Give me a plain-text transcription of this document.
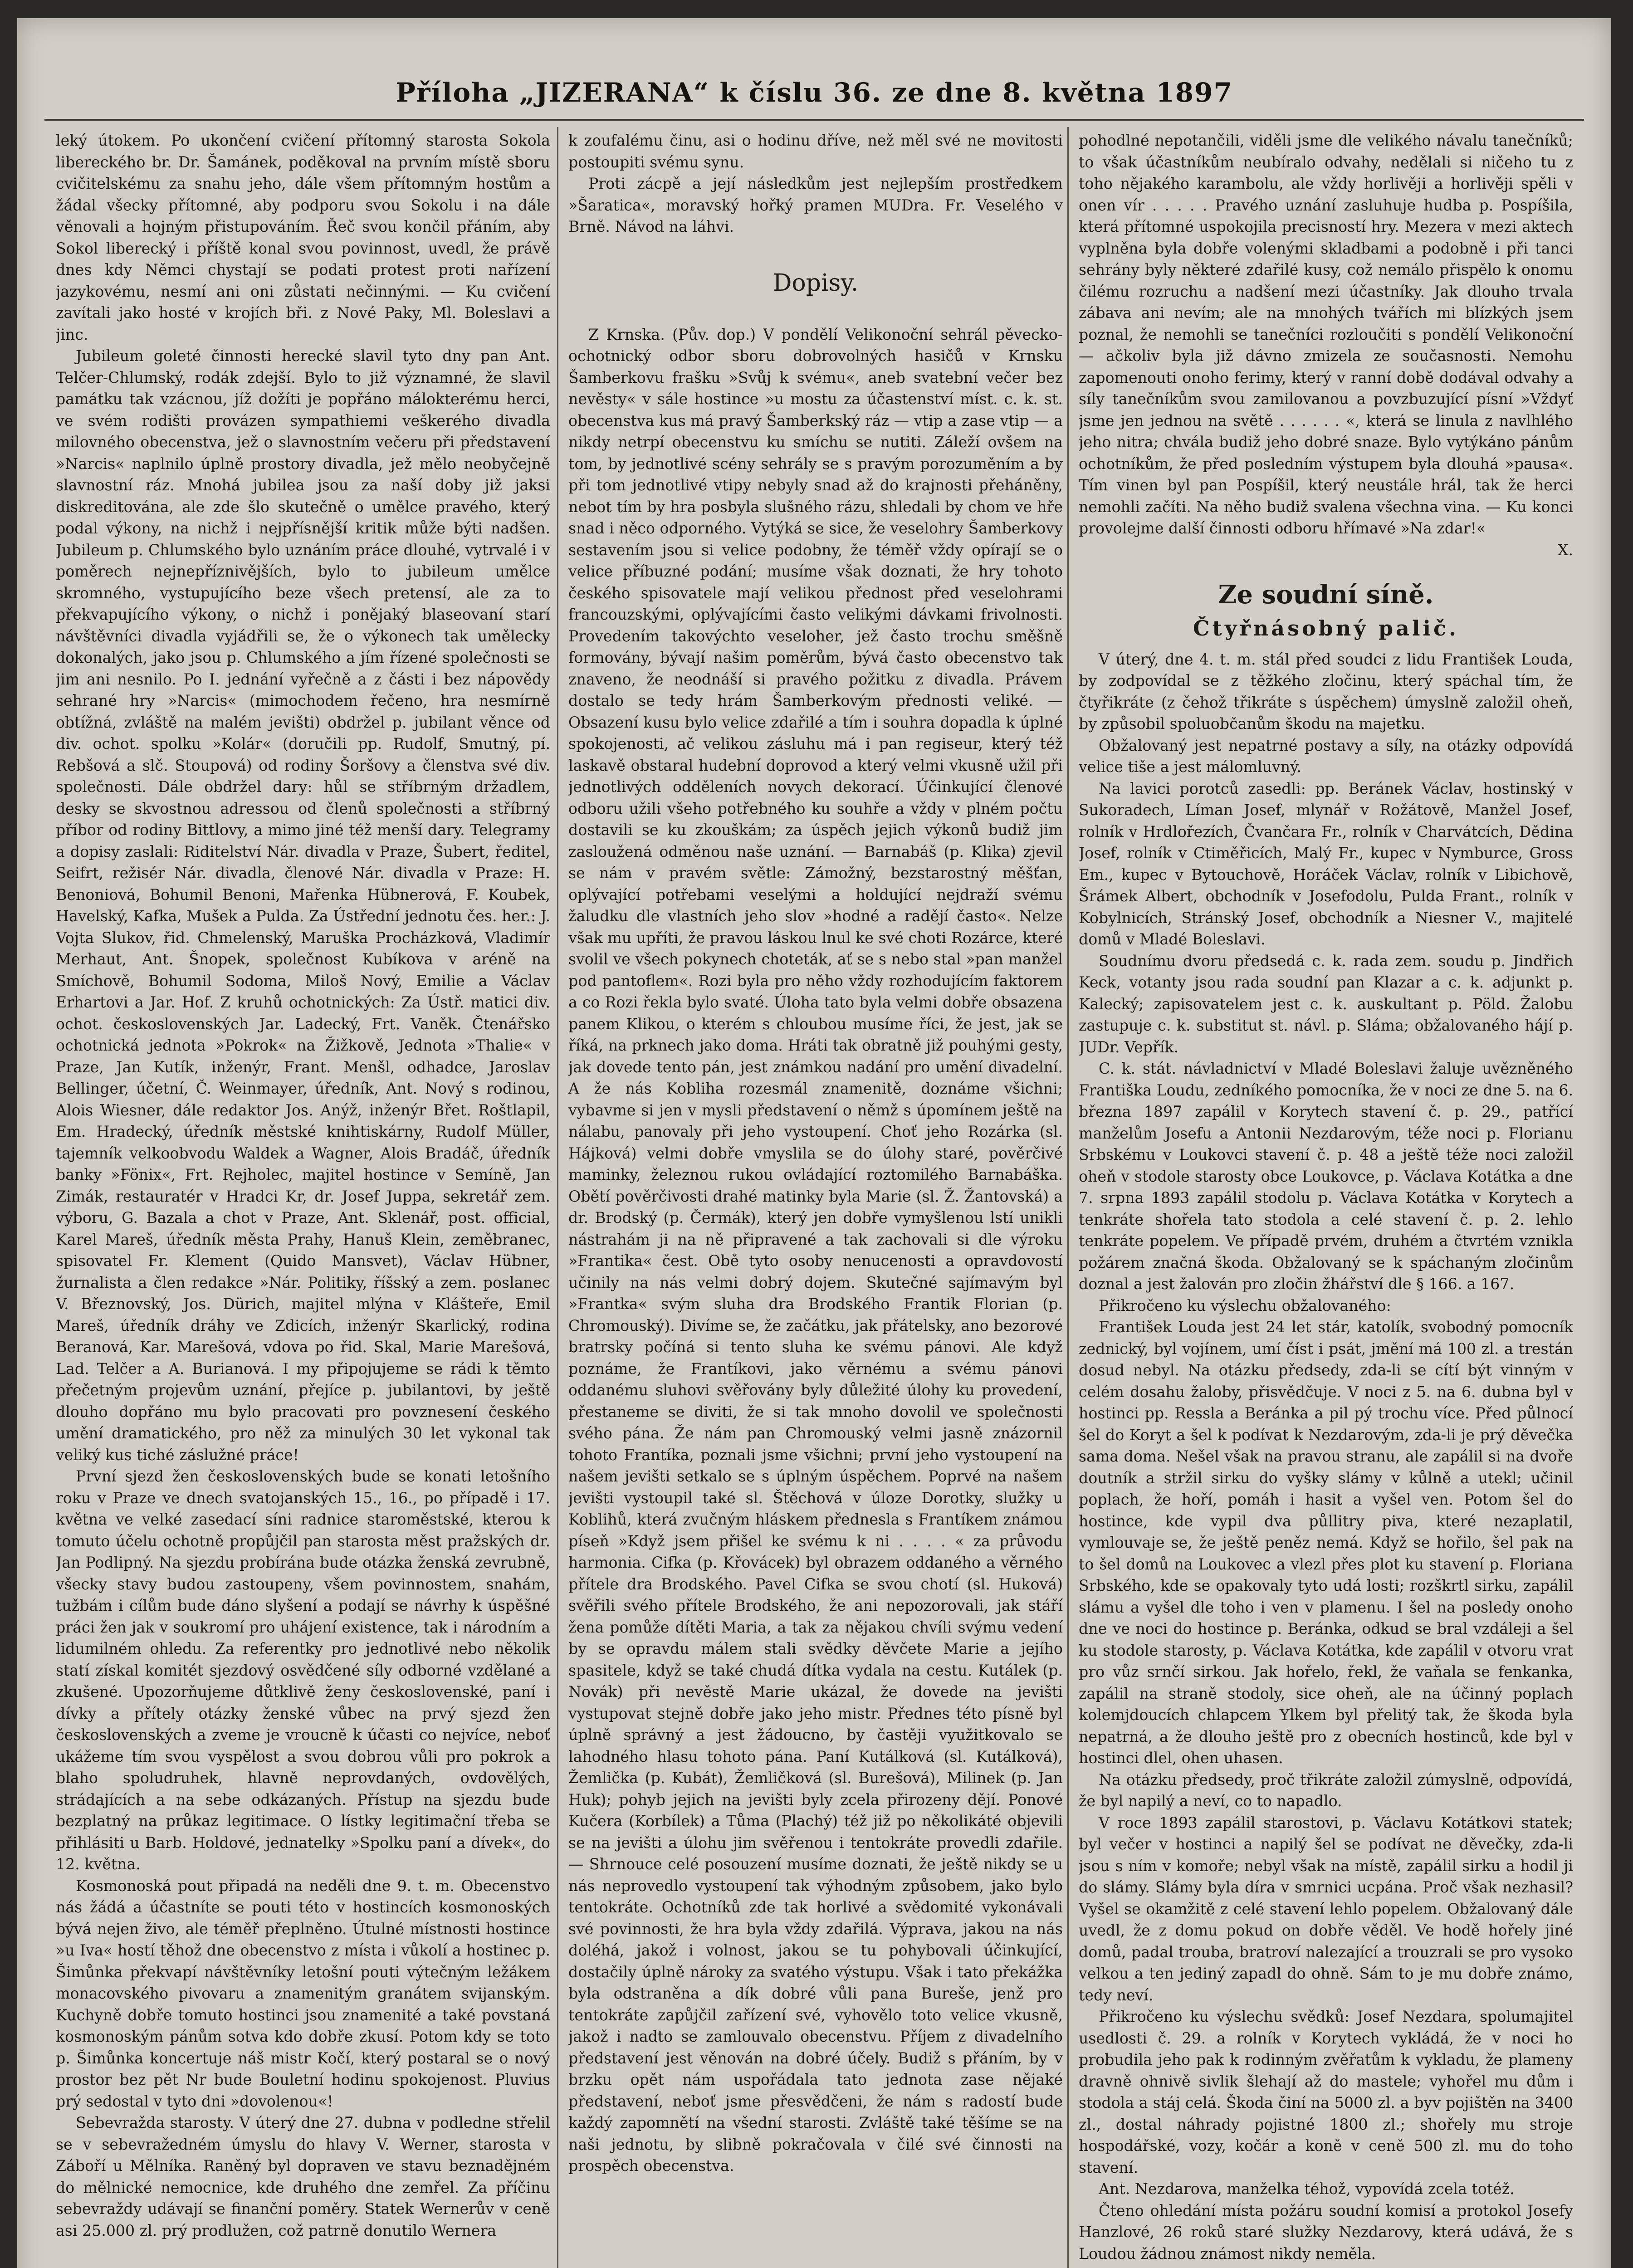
Příloha „JIZERANA“ k číslu 36. ze dne 8. května 1897

leký útokem. Po ukončení cvičení přítomný starosta Sokola libereckého br. Dr. Šamánek, poděkoval na prvním místě sboru cvičitelskému za snahu jeho, dále všem přítomným hostům a žádal všecky přítomné, aby podporu svou Sokolu i na dále věnovali a hojným přistupováním. Řeč svou končil přáním, aby Sokol liberecký i příště konal svou povinnost, uvedl, že právě dnes kdy Němci chystají se podati protest proti nařízení jazykovému, nesmí ani oni zůstati nečinnými. — Ku cvičení zavítali jako hosté v krojích bři. z Nové Paky, Ml. Boleslavi a jinc.

Jubileum goleté činnosti herecké slavil tyto dny pan Ant. Telčer-Chlumský, rodák zdejší. Bylo to již významné, že slavil památku tak vzácnou, jíž dožíti je popřáno málokterému herci, ve svém rodišti provázen sympathiemi veškerého divadla milovného obecenstva, jež o slavnostním večeru při představení »Narcis« naplnilo úplně prostory divadla, jež mělo neobyčejně slavnostní ráz. Mnohá jubilea jsou za naší doby již jaksi diskreditována, ale zde šlo skutečně o umělce pravého, který podal výkony, na nichž i nejpřísnější kritik může býti nadšen. Jubileum p. Chlumského bylo uznáním práce dlouhé, vytrvalé i v poměrech nejnepříznivějších, bylo to jubileum umělce skromného, vystupujícího beze všech pretensí, ale za to překvapujícího výkony, o nichž i ponějaký blaseovaní starí návštěvníci divadla vyjádřili se, že o výkonech tak umělecky dokonalých, jako jsou p. Chlumského a jím řízené společnosti se jim ani nesnilo. Po I. jednání vyřečně a z části i bez nápovědy sehrané hry »Narcis« (mimochodem řečeno, hra nesmírně obtížná, zvláště na malém jevišti) obdržel p. jubilant věnce od div. ochot. spolku »Kolár« (doručili pp. Rudolf, Smutný, pí. Rebšová a slč. Stoupová) od rodiny Šoršovy a členstva své div. společnosti. Dále obdržel dary: hůl se stříbrným držadlem, desky se skvostnou adressou od členů společnosti a stříbrný příbor od rodiny Bittlovy, a mimo jiné též menší dary. Telegramy a dopisy zaslali: Riditelství Nár. divadla v Praze, Šubert, ředitel, Seifrt, režisér Nár. divadla, členové Nár. divadla v Praze: H. Benoniová, Bohumil Benoni, Mařenka Hübnerová, F. Koubek, Havelský, Kafka, Mušek a Pulda. Za Ústřední jednotu čes. her.: J. Vojta Slukov, řid. Chmelenský, Maruška Procházková, Vladimír Merhaut, Ant. Šnopek, společnost Kubíkova v aréně na Smíchově, Bohumil Sodoma, Miloš Nový, Emilie a Václav Erhartovi a Jar. Hof. Z kruhů ochotnických: Za Ústř. matici div. ochot. československých Jar. Ladecký, Frt. Vaněk. Čtenářsko ochotnická jednota »Pokrok« na Žižkově, Jednota »Thalie« v Praze, Jan Kutík, inženýr, Frant. Menšl, odhadce, Jaroslav Bellinger, účetní, Č. Weinmayer, úředník, Ant. Nový s rodinou, Alois Wiesner, dále redaktor Jos. Anýž, inženýr Břet. Roštlapil, Em. Hradecký, úředník městské knihtiskárny, Rudolf Müller, tajemník velkoobvodu Waldek a Wagner, Alois Bradáč, úředník banky »Fönix«, Frt. Rejholec, majitel hostince v Semíně, Jan Zimák, restauratér v Hradci Kr, dr. Josef Juppa, sekretář zem. výboru, G. Bazala a chot v Praze, Ant. Sklenář, post. official, Karel Mareš, úředník města Prahy, Hanuš Klein, zeměbranec, spisovatel Fr. Klement (Quido Mansvet), Václav Hübner, žurnalista a člen redakce »Nár. Politiky, říšský a zem. poslanec V. Březnovský, Jos. Dürich, majitel mlýna v Klášteře, Emil Mareš, úředník dráhy ve Zdicích, inženýr Skarlický, rodina Beranová, Kar. Marešová, vdova po řid. Skal, Marie Marešová, Lad. Telčer a A. Burianová. I my připojujeme se rádi k těmto přečetným projevům uznání, přejíce p. jubilantovi, by ještě dlouho dopřáno mu bylo pracovati pro povznesení českého umění dramatického, pro něž za minulých 30 let vykonal tak veliký kus tiché záslužné práce!

První sjezd žen československých bude se konati letošního roku v Praze ve dnech svatojanských 15., 16., po případě i 17. května ve velké zasedací síni radnice staroměstské, kterou k tomuto účelu ochotně propůjčil pan starosta měst pražských dr. Jan Podlipný. Na sjezdu probírána bude otázka ženská zevrubně, všecky stavy budou zastoupeny, všem povinnostem, snahám, tužbám i cílům bude dáno slyšení a podají se návrhy k úspěšné práci žen jak v soukromí pro uhájení existence, tak i národním a lidumilném ohledu. Za referentky pro jednotlivé nebo několik statí získal komitét sjezdový osvědčené síly odborné vzdělané a zkušené. Upozorňujeme důtklivě ženy československé, paní i dívky a přítely otázky ženské vůbec na prvý sjezd žen československých a zveme je vroucně k účasti co nejvíce, neboť ukážeme tím svou vyspělost a svou dobrou vůli pro pokrok a blaho spoludruhek, hlavně neprovdaných, ovdovělých, strádajících a na sebe odkázaných. Přístup na sjezdu bude bezplatný na průkaz legitimace. O lístky legitimační třeba se přihlásiti u Barb. Holdové, jednatelky »Spolku paní a dívek«, do 12. května.

Kosmonoská pout připadá na neděli dne 9. t. m. Obecenstvo nás žádá a účastníte se pouti této v hostincích kosmonoských bývá nejen živo, ale téměř přeplněno. Útulné místnosti hostince »u Iva« hostí těhož dne obecenstvo z místa i vůkolí a hostinec p. Šimůnka překvapí návštěvníky letošní pouti výtečným ležákem monacovského pivovaru a znamenitým granátem svijanským. Kuchyně dobře tomuto hostinci jsou znamenité a také povstaná kosmonoským pánům sotva kdo dobře zkusí. Potom kdy se toto p. Šimůnka koncertuje náš mistr Kočí, který postaral se o nový prostor bez pět Nr bude Bouletní hodinu spokojenost. Pluvius prý sedostal v tyto dni »dovolenou«!

Sebevražda starosty. V úterý dne 27. dubna v podledne střelil se v sebevražedném úmyslu do hlavy V. Werner, starosta v Záboří u Mělníka. Raněný byl dopraven ve stavu beznadějném do mělnické nemocnice, kde druhého dne zemřel. Za příčinu sebevraždy udávají se finanční poměry. Statek Wernerův v ceně asi 25.000 zl. prý prodlužen, což patrně donutilo Wernera

k zoufalému činu, asi o hodinu dříve, než měl své ne movitosti postoupiti svému synu.

Proti zácpě a její následkům jest nejlepším prostředkem »Šaratica«, moravský hořký pramen MUDra. Fr. Veselého v Brně. Návod na láhvi.

Dopisy.

Z Krnska. (Pův. dop.) V pondělí Velikonoční sehrál pěvecko-ochotnický odbor sboru dobrovolných hasičů v Krnsku Šamberkovu frašku »Svůj k svému«, aneb svatební večer bez nevěsty« v sále hostince »u mostu za účastenství míst. c. k. st. obecenstva kus má pravý Šamberkský ráz — vtip a zase vtip — a nikdy netrpí obecenstvu ku smíchu se nutiti. Záleží ovšem na tom, by jednotlivé scény sehrály se s pravým porozuměním a by při tom jednotlivé vtipy nebyly snad až do krajnosti přeháněny, nebot tím by hra posbyla slušného rázu, shledali by chom ve hře snad i něco odporného. Vytýká se sice, že veselohry Šamberkovy sestavením jsou si velice podobny, že téměř vždy opírají se o velice příbuzné podání; musíme však doznati, že hry tohoto českého spisovatele mají velikou přednost před veselohrami francouzskými, oplývajícími často velikými dávkami frivolnosti. Provedením takovýchto veseloher, jež často trochu směšně formovány, bývají našim poměrům, bývá často obecenstvo tak znaveno, že neodnáší si pravého požitku z divadla. Právem dostalo se tedy hrám Šamberkovým přednosti veliké. — Obsazení kusu bylo velice zdařilé a tím i souhra dopadla k úplné spokojenosti, ač velikou zásluhu má i pan regiseur, který též laskavě obstaral hudební doprovod a který velmi vkusně užil při jednotlivých odděleních novych dekorací. Účinkující členové odboru užili všeho potřebného ku souhře a vždy v plném počtu dostavili se ku zkouškám; za úspěch jejich výkonů budiž jim zasloužená odměnou naše uznání. — Barnabáš (p. Klika) zjevil se nám v pravém světle: Zámožný, bezstarostný měšťan, oplývající potřebami veselými a holdující nejdraží svému žaludku dle vlastních jeho slov »hodné a radějí často«. Nelze však mu upříti, že pravou láskou lnul ke své choti Rozárce, které svolil ve všech pokynech choteták, ať se s nebo stal »pan manžel pod pantoflem«. Rozi byla pro něho vždy rozhodujícím faktorem a co Rozi řekla bylo svaté. Úloha tato byla velmi dobře obsazena panem Klikou, o kterém s chloubou musíme říci, že jest, jak se říká, na prknech jako doma. Hráti tak obratně již pouhými gesty, jak dovede tento pán, jest známkou nadání pro umění divadelní. A že nás Kobliha rozesmál znamenitě, doznáme všichni; vybavme si jen v mysli představení o němž s úpomínem ještě na nálabu, panovaly při jeho vystoupení. Choť jeho Rozárka (sl. Hájková) velmi dobře vmyslila se do úlohy staré, pověrčivé maminky, železnou rukou ovládající roztomilého Barnabáška. Obětí pověrčivosti drahé matinky byla Marie (sl. Ž. Žantovská) a dr. Brodský (p. Čermák), který jen dobře vymyšlenou lstí unikli nástrahám ji na ně připravené a tak zachovali si dle výroku »Frantika« čest. Obě tyto osoby nenucenosti a opravdovostí učinily na nás velmi dobrý dojem. Skutečné sajímavým byl »Frantka« svým sluha dra Brodského Frantik Florian (p. Chromouský). Divíme se, že začátku, jak přátelsky, ano bezorové bratrsky počíná si tento sluha ke svému pánovi. Ale když poznáme, že Frantíkovi, jako věrnému a svému pánovi oddanému sluhovi svěřovány byly důležité úlohy ku provedení, přestaneme se diviti, že si tak mnoho dovolil ve společnosti svého pána. Že nám pan Chromouský velmi jasně znázornil tohoto Frantíka, poznali jsme všichni; první jeho vystoupení na našem jevišti setkalo se s úplným úspěchem. Poprvé na našem jevišti vystoupil také sl. Štěchová v úloze Dorotky, služky u Koblihů, která zvučným hláskem přednesla s Frantíkem známou píseň »Když jsem přišel ke svému k ni . . . . « za průvodu harmonia. Cifka (p. Křovácek) byl obrazem oddaného a věrného přítele dra Brodského. Pavel Cifka se svou chotí (sl. Huková) svěřili svého přítele Brodského, že ani nepozorovali, jak stáří žena pomůže dítěti Maria, a tak za nějakou chvíli svýmu vedení by se opravdu málem stali svědky děvčete Marie a jejího spasitele, když se také chudá dítka vydala na cestu. Kutálek (p. Novák) při nevěstě Marie ukázal, že dovede na jevišti vystupovat stejně dobře jako jeho mistr. Přednes této písně byl úplně správný a jest žádoucno, by častěji využitkovalo se lahodného hlasu tohoto pána. Paní Kutálková (sl. Kutálková), Žemlička (p. Kubát), Žemličková (sl. Burešová), Milinek (p. Jan Huk); pohyb jejich na jevišti byly zcela přirozeny dějí. Ponové Kučera (Korbílek) a Tůma (Plachý) též již po několikáté objevili se na jevišti a úlohu jim svěřenou i tentokráte provedli zdařile. — Shrnouce celé posouzení musíme doznati, že ještě nikdy se u nás neprovedlo vystoupení tak výhodným způsobem, jako bylo tentokráte. Ochotníků zde tak horlivé a svědomité vykonávali své povinnosti, že hra byla vždy zdařilá. Výprava, jakou na nás doléhá, jakož i volnost, jakou se tu pohybovali účinkující, dostačily úplně nároky za svatého výstupu. Však i tato překážka byla odstraněna a dík dobré vůli pana Bureše, jenž pro tentokráte zapůjčil zařízení své, vyhovělo toto velice vkusně, jakož i nadto se zamlouvalo obecenstvu. Příjem z divadelního představení jest věnován na dobré účely. Budiž s přáním, by v brzku opět nám uspořádala tato jednota zase nějaké představení, neboť jsme přesvědčeni, že nám s radostí bude každý zapomnětí na všední starosti. Zvláště také těšíme se na naši jednotu, by slibně pokračovala v čilé své činnosti na prospěch obecenstva.

pohodlné nepotančili, viděli jsme dle velikého návalu tanečníků; to však účastníkům neubíralo odvahy, nedělali si ničeho tu z toho nějakého karambolu, ale vždy horlivěji a horlivěji spěli v onen vír . . . . . Pravého uznání zasluhuje hudba p. Pospíšila, která přítomné uspokojila precisností hry. Mezera v mezi aktech vyplněna byla dobře volenými skladbami a podobně i při tanci sehrány byly některé zdařilé kusy, což nemálo přispělo k onomu čilému rozruchu a nadšení mezi účastníky. Jak dlouho trvala zábava ani nevím; ale na mnohých tvářích mi blízkých jsem poznal, že nemohli se tanečníci rozloučiti s pondělí Velikonoční — ačkoliv byla již dávno zmizela ze současnosti. Nemohu zapomenouti onoho ferimy, který v ranní době dodával odvahy a síly tanečníkům svou zamilovanou a povzbuzující písní »Vždyť jsme jen jednou na světě . . . . . . «, která se linula z navlhlého jeho nitra; chvála budiž jeho dobré snaze. Bylo vytýkáno pánům ochotníkům, že před posledním výstupem byla dlouhá »pausa«. Tím vinen byl pan Pospíšil, který neustále hrál, tak že herci nemohli začíti. Na něho budiž svalena všechna vina. — Ku konci provolejme další činnosti odboru hřímavé »Na zdar!«

X.

Ze soudní síně.
Čtyřnásobný palič.

V úterý, dne 4. t. m. stál před soudci z lidu František Louda, by zodpovídal se z těžkého zločinu, který spáchal tím, že čtyřikráte (z čehož třikráte s úspěchem) úmyslně založil oheň, by způsobil spoluobčanům škodu na majetku.

Obžalovaný jest nepatrné postavy a síly, na otázky odpovídá velice tiše a jest málomluvný.

Na lavici porotců zasedli: pp. Beránek Václav, hostinský v Sukoradech, Líman Josef, mlynář v Rožátově, Manžel Josef, rolník v Hrdlořezích, Čvančara Fr., rolník v Charvátcích, Dědina Josef, rolník v Ctiměřicích, Malý Fr., kupec v Nymburce, Gross Em., kupec v Bytouchově, Horáček Václav, rolník v Libichově, Šrámek Albert, obchodník v Josefodolu, Pulda Frant., rolník v Kobylnicích, Stránský Josef, obchodník a Niesner V., majitelé domů v Mladé Boleslavi.

Soudnímu dvoru předsedá c. k. rada zem. soudu p. Jindřich Keck, votanty jsou rada soudní pan Klazar a c. k. adjunkt p. Kalecký; zapisovatelem jest c. k. auskultant p. Pöld. Žalobu zastupuje c. k. substitut st. návl. p. Sláma; obžalovaného hájí p. JUDr. Vepřík.

C. k. stát. návladnictví v Mladé Boleslavi žaluje uvězněného Františka Loudu, zedníkého pomocníka, že v noci ze dne 5. na 6. března 1897 zapálil v Korytech stavení č. p. 29., patřící manželům Josefu a Antonii Nezdarovým, téže noci p. Florianu Srbskému v Loukovci stavení č. p. 48 a ještě téže noci založil oheň v stodole starosty obce Loukovce, p. Václava Kotátka a dne 7. srpna 1893 zapálil stodolu p. Václava Kotátka v Korytech a tenkráte shořela tato stodola a celé stavení č. p. 2. lehlo tenkráte popelem. Ve případě prvém, druhém a čtvrtém vznikla požárem značná škoda. Obžalovaný se k spáchaným zločinům doznal a jest žalován pro zločin žhářství dle § 166. a 167.

Přikročeno ku výslechu obžalovaného:

František Louda jest 24 let stár, katolík, svobodný pomocník zednický, byl vojínem, umí číst i psát, jmění má 100 zl. a trestán dosud nebyl. Na otázku předsedy, zda-li se cítí být vinným v celém dosahu žaloby, přisvědčuje. V noci z 5. na 6. dubna byl v hostinci pp. Ressla a Beránka a pil pý trochu více. Před půlnocí šel do Koryt a šel k podívat k Nezdarovým, zda-li je prý děvečka sama doma. Nešel však na pravou stranu, ale zapálil si na dvoře doutník a stržil sirku do vyšky slámy v kůlně a utekl; učinil poplach, že hoří, pomáh i hasit a vyšel ven. Potom šel do hostince, kde vypil dva půllitry piva, které nezaplatil, vymlouvaje se, že ještě peněz nemá. Když se hořilo, šel pak na to šel domů na Loukovec a vlezl přes plot ku stavení p. Floriana Srbského, kde se opakovaly tyto udá losti; rozškrtl sirku, zapálil slámu a vyšel dle toho i ven v plamenu. I šel na posledy onoho dne ve noci do hostince p. Beránka, odkud se bral vzdáleji a šel ku stodole starosty, p. Václava Kotátka, kde zapálil v otvoru vrat pro vůz srnčí sirkou. Jak hořelo, řekl, že vaňala se fenkanka, zapálil na straně stodoly, sice oheň, ale na účinný poplach kolemjdoucích chlapcem Ylkem byl přelitý tak, že škoda byla nepatrná, a že dlouho ještě pro z obecních hostinců, kde byl v hostinci dlel, ohen uhasen.

Na otázku předsedy, proč třikráte založil zúmyslně, odpovídá, že byl napilý a neví, co to napadlo.

V roce 1893 zapálil starostovi, p. Václavu Kotátkovi statek; byl večer v hostinci a napilý šel se podívat ne děvečky, zda-li jsou s ním v komoře; nebyl však na místě, zapálil sirku a hodil ji do slámy. Slámy byla díra v smrnici ucpána. Proč však nezhasil? Vyšel se okamžitě z celé stavení lehlo popelem. Obžalovaný dále uvedl, že z domu pokud on dobře věděl. Ve hodě hořely jiné domů, padal trouba, bratroví nalezající a trouzrali se pro vysoko velkou a ten jediný zapadl do ohně. Sám to je mu dobře známo, tedy neví.

Přikročeno ku výslechu svědků: Josef Nezdara, spolumajitel usedlosti č. 29. a rolník v Korytech vykládá, že v noci ho probudila jeho pak k rodinným zvěřatům k vykladu, že plameny dravně ohnivě sivlik šlehají až do mastele; vyhořel mu dům i stodola a stáj celá. Škoda činí na 5000 zl. a byv pojištěn na 3400 zl., dostal náhrady pojistné 1800 zl.; shořely mu stroje hospodářské, vozy, kočár a koně v ceně 500 zl. mu do toho stavení.

Ant. Nezdarova, manželka téhož, vypovídá zcela totéž.

Čteno ohledání místa požáru soudní komisí a protokol Josefy Hanzlové, 26 roků staré služky Nezdarovy, která udává, že s Loudou žádnou známost nikdy neměla.
